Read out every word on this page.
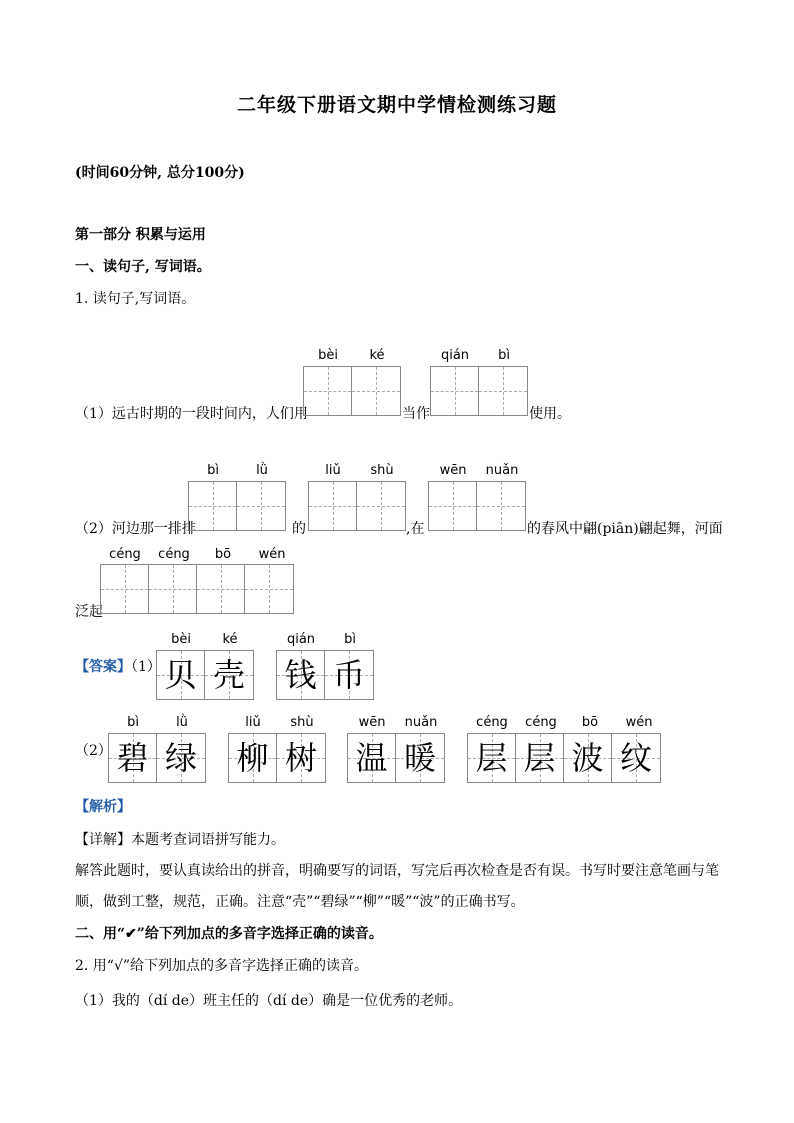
二年级下册语文期中学情检测练习题
(时间60分钟, 总分100分)
第一部分 积累与运用
一、读句子, 写词语。
1. 读句子,写词语。
（1）远古时期的一段时间内，人们用
bèi	ké
当作
qián	bì
使用。
（2）河边那一排排
bì	lǜ
的
liǔ	shù
,在
wēn	nuǎn
的春风中翩(piān)翩起舞，河面
泛起
céng	céng	bō	wén
【答案】
（1）
bèi	ké
贝 壳
qián	bì
钱 币
（2）
bì	lǜ
碧 绿
liǔ	shù
柳 树
wēn	nuǎn
温 暖
céng	céng	bō	wén
层 层 波 纹
【解析】
【详解】本题考查词语拼写能力。
解答此题时，要认真读给出的拼音，明确要写的词语，写完后再次检查是否有误。书写时要注意笔画与笔
顺，做到工整，规范，正确。注意“壳”“碧绿”“柳”“暖”“波”的正确书写。
二、用“✔”给下列加点的多音字选择正确的读音。
2. 用“√”给下列加点的多音字选择正确的读音。
（1）我的（dí de）班主任的（dí de）确是一位优秀的老师。
